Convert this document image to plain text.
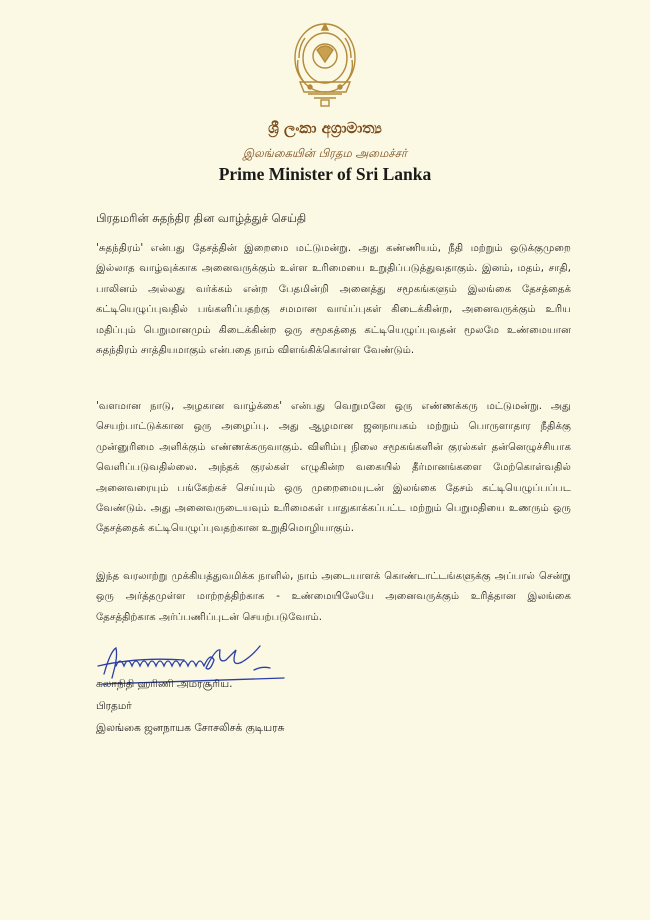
ශ්‍රී ලංකා අග්‍රාමාත්‍ය
இலங்கையின் பிரதம அமைச்சர்
Prime Minister of Sri Lanka
பிரதமரின் சுதந்திர தின வாழ்த்துச் செய்தி

'சுதந்திரம்' என்பது தேசத்தின் இறைமை மட்டுமன்று. அது கண்ணியம், நீதி மற்றும் ஒடுக்குமுறை இல்லாத வாழ்வுக்காக அனைவருக்கும் உள்ள உரிமையை உறுதிப்படுத்துவதாகும். இனம், மதம், சாதி, பாலினம் அல்லது வர்க்கம் என்ற பேதமின்றி அனைத்து சமூகங்களும் இலங்கை தேசத்தைக் கட்டியெழுப்புவதில் பங்களிப்பதற்கு சமமான வாய்ப்புகள் கிடைக்கின்ற, அனைவருக்கும் உரிய மதிப்பும் பெறுமானமும் கிடைக்கின்ற ஒரு சமூகத்தை கட்டியெழுப்புவதன் மூலமே உண்மையான சுதந்திரம் சாத்தியமாகும் என்பதை நாம் விளங்கிக்கொள்ள வேண்டும்.

'வளமான நாடு, அழகான வாழ்க்கை' என்பது வெறுமனே ஒரு எண்ணக்கரு மட்டுமன்று. அது செயற்பாட்டுக்கான ஒரு அழைப்பு. அது ஆழமான ஜனநாயகம் மற்றும் பொருளாதார நீதிக்கு முன்னுரிமை அளிக்கும் எண்ணக்கருவாகும். விளிம்பு நிலை சமூகங்களின் குரல்கள் தன்னெழுச்சியாக வெளிப்படுவதில்லை. அந்தக் குரல்கள் எழுகின்ற வகையில் தீர்மானங்களை மேற்கொள்வதில் அனைவரையும் பங்கேற்கச் செய்யும் ஒரு முறைமையுடன் இலங்கை தேசம் கட்டியெழுப்பப்பட வேண்டும். அது அனைவருடையவும் உரிமைகள் பாதுகாக்கப்பட்ட மற்றும் பெறுமதியை உணரும் ஒரு தேசத்தைக் கட்டியெழுப்புவதற்கான உறுதிமொழியாகும்.

இந்த வரலாற்று முக்கியத்துவமிக்க நாளில், நாம் அடையாளக் கொண்டாட்டங்களுக்கு அப்பால் சென்று ஒரு அர்த்தமுள்ள மாற்றத்திற்காக - உண்மையிலேயே அனைவருக்கும் உரித்தான இலங்கை தேசத்திற்காக அர்ப்பணிப்புடன் செயற்படுவோம்.

கலாநிதி ஹரிணி அமரசூரிய.
பிரதமர்
இலங்கை ஜனநாயக சோசலிசக் குடியரசு
